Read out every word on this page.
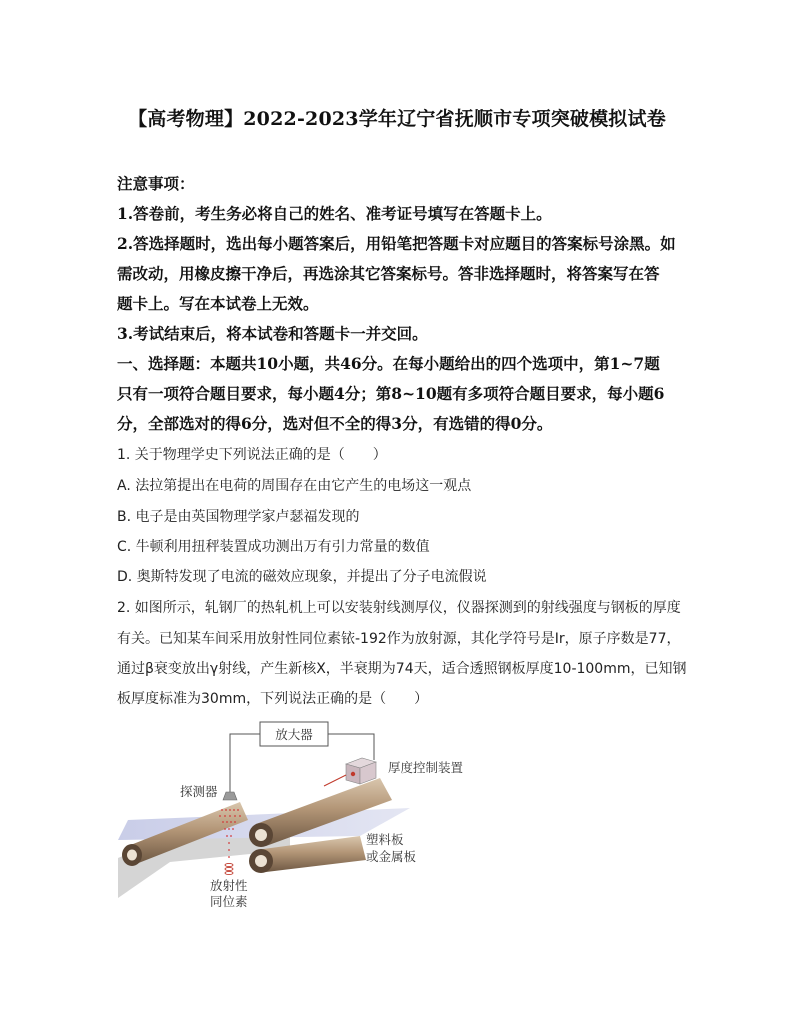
【高考物理】2022-2023学年辽宁省抚顺市专项突破模拟试卷
注意事项：
1.答卷前，考生务必将自己的姓名、准考证号填写在答题卡上。
2.答选择题时，选出每小题答案后，用铅笔把答题卡对应题目的答案标号涂黑。如
需改动，用橡皮擦干净后，再选涂其它答案标号。答非选择题时，将答案写在答
题卡上。写在本试卷上无效。
3.考试结束后，将本试卷和答题卡一并交回。
一、选择题：本题共10小题，共46分。在每小题给出的四个选项中，第1~7题
只有一项符合题目要求，每小题4分；第8~10题有多项符合题目要求，每小题6
分，全部选对的得6分，选对但不全的得3分，有选错的得0分。
1. 关于物理学史下列说法正确的是（　　）
A. 法拉第提出在电荷的周围存在由它产生的电场这一观点
B. 电子是由英国物理学家卢瑟福发现的
C. 牛顿利用扭秤装置成功测出万有引力常量的数值
D. 奥斯特发现了电流的磁效应现象，并提出了分子电流假说
2. 如图所示，轧钢厂的热轧机上可以安装射线测厚仪，仪器探测到的射线强度与钢板的厚度
有关。已知某车间采用放射性同位素铱-192作为放射源，其化学符号是Ir，原子序数是77，
通过β衰变放出γ射线，产生新核X，半衰期为74天，适合透照钢板厚度10-100mm，已知钢
板厚度标准为30mm，下列说法正确的是（　　）
放大器
厚度控制装置
探测器
放射性
同位素
塑料板
或金属板
